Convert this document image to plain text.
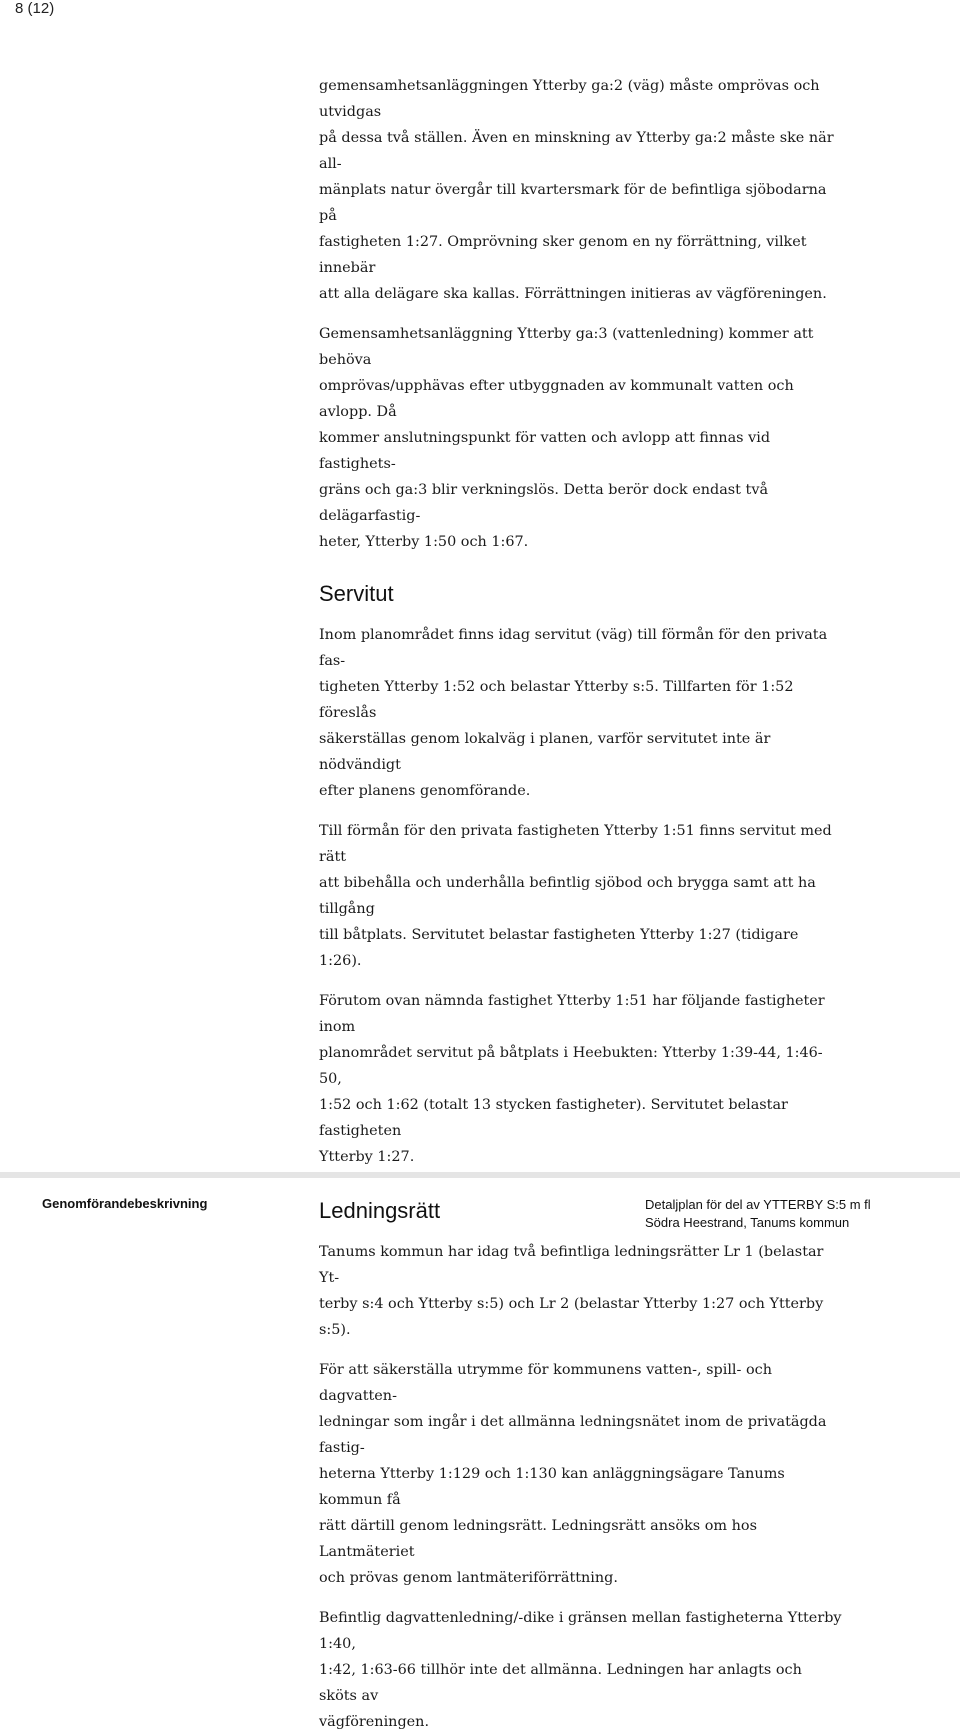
8 (12)

gemensamhetsanläggningen Ytterby ga:2 (väg) måste omprövas och utvidgas
på dessa två ställen. Även en minskning av Ytterby ga:2 måste ske när all-
mänplats natur övergår till kvartersmark för de befintliga sjöbodarna på
fastigheten 1:27. Omprövning sker genom en ny förrättning, vilket innebär
att alla delägare ska kallas. Förrättningen initieras av vägföreningen.

Gemensamhetsanläggning Ytterby ga:3 (vattenledning) kommer att behöva
omprövas/upphävas efter utbyggnaden av kommunalt vatten och avlopp. Då
kommer anslutningspunkt för vatten och avlopp att finnas vid fastighets-
gräns och ga:3 blir verkningslös. Detta berör dock endast två delägarfastig-
heter, Ytterby 1:50 och 1:67.

Servitut

Inom planområdet finns idag servitut (väg) till förmån för den privata fas-
tigheten Ytterby 1:52 och belastar Ytterby s:5. Tillfarten för 1:52 föreslås
säkerställas genom lokalväg i planen, varför servitutet inte är nödvändigt
efter planens genomförande.

Till förmån för den privata fastigheten Ytterby 1:51 finns servitut med rätt
att bibehålla och underhålla befintlig sjöbod och brygga samt att ha tillgång
till båtplats. Servitutet belastar fastigheten Ytterby 1:27 (tidigare 1:26).

Förutom ovan nämnda fastighet Ytterby 1:51 har följande fastigheter inom
planområdet servitut på båtplats i Heebukten: Ytterby 1:39-44, 1:46-50,
1:52 och 1:62 (totalt 13 stycken fastigheter). Servitutet belastar fastigheten
Ytterby 1:27.

Ledningsrätt

Tanums kommun har idag två befintliga ledningsrätter Lr 1 (belastar Yt-
terby s:4 och Ytterby s:5) och Lr 2 (belastar Ytterby 1:27 och Ytterby s:5).

För att säkerställa utrymme för kommunens vatten-, spill- och dagvatten-
ledningar som ingår i det allmänna ledningsnätet inom de privatägda fastig-
heterna Ytterby 1:129 och 1:130 kan anläggningsägare Tanums kommun få
rätt därtill genom ledningsrätt. Ledningsrätt ansöks om hos Lantmäteriet
och prövas genom lantmäteriförrättning.

Befintlig dagvattenledning/-dike i gränsen mellan fastigheterna Ytterby 1:40,
1:42, 1:63-66 tillhör inte det allmänna. Ledningen har anlagts och sköts av
vägföreningen.

Genomförandebeskrivning	Detaljplan för del av YTTERBY S:5 m fl
Södra Heestrand, Tanums kommun
